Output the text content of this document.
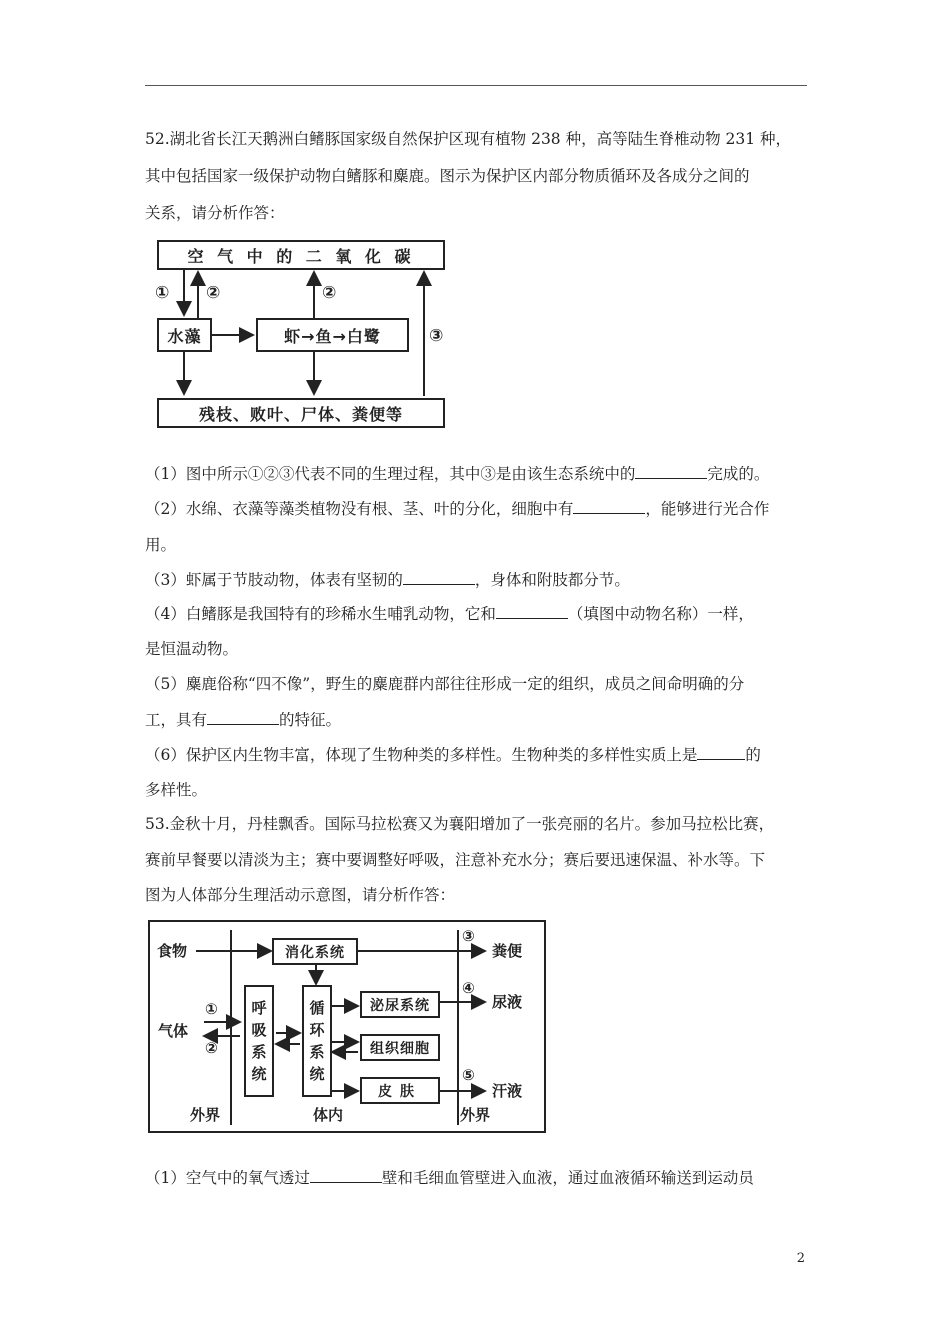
52.湖北省长江天鹅洲白鳍豚国家级自然保护区现有植物 238 种，高等陆生脊椎动物 231 种，
其中包括国家一级保护动物白鳍豚和麋鹿。图示为保护区内部分物质循环及各成分之间的
关系，请分析作答：
空 气 中 的 二 氧 化 碳
水藻	虾→鱼→白鹭
残枝、败叶、尸体、粪便等
① ②	②
③
（1）图中所示①②③代表不同的生理过程，其中③是由该生态系统中的	完成的。
（2）水绵、衣藻等藻类植物没有根、茎、叶的分化，细胞中有	，能够进行光合作
用。
（3）虾属于节肢动物，体表有坚韧的	，身体和附肢都分节。
（4）白鳍豚是我国特有的珍稀水生哺乳动物，它和	（填图中动物名称）一样，
是恒温动物。
（5）麋鹿俗称“四不像”，野生的麋鹿群内部往往形成一定的组织，成员之间命明确的分
工，具有	的特征。
（6）保护区内生物丰富，体现了生物种类的多样性。生物种类的多样性实质上是	的
多样性。
53.金秋十月，丹桂飘香。国际马拉松赛又为襄阳增加了一张亮丽的名片。参加马拉松比赛，
赛前早餐要以清淡为主；赛中要调整好呼吸，注意补充水分；赛后要迅速保温、补水等。下
图为人体部分生理活动示意图，请分析作答：
消化系统
呼吸系统
循环系统
泌尿系统
组织细胞
皮肤
食物
气体
①
②
③
④
⑤
粪便
尿液
汗液
外界	体内	外界
（1）空气中的氧气透过	壁和毛细血管壁进入血液，通过血液循环输送到运动员
2
